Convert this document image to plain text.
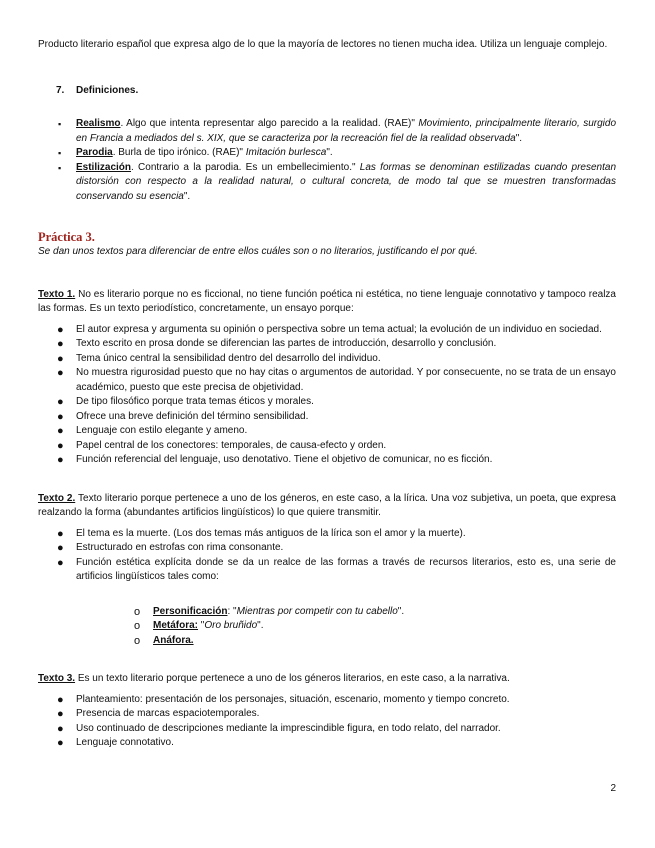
Producto literario español que expresa algo de lo que la mayoría de lectores no tienen mucha idea. Utiliza un lenguaje complejo.

7. Definiciones.

▪ Realismo. Algo que intenta representar algo parecido a la realidad. (RAE)" Movimiento, principalmente literario, surgido en Francia a mediados del s. XIX, que se caracteriza por la recreación fiel de la realidad observada".
▪ Parodia. Burla de tipo irónico. (RAE)" Imitación burlesca".
▪ Estilización. Contrario a la parodia. Es un embellecimiento." Las formas se denominan estilizadas cuando presentan distorsión con respecto a la realidad natural, o cultural concreta, de modo tal que se muestren transformadas conservando su esencia".

Práctica 3.

Se dan unos textos para diferenciar de entre ellos cuáles son o no literarios, justificando el por qué.

Texto 1. No es literario porque no es ficcional, no tiene función poética ni estética, no tiene lenguaje connotativo y tampoco realza las formas. Es un texto periodístico, concretamente, un ensayo porque:

● El autor expresa y argumenta su opinión o perspectiva sobre un tema actual; la evolución de un individuo en sociedad.
● Texto escrito en prosa donde se diferencian las partes de introducción, desarrollo y conclusión.
● Tema único central la sensibilidad dentro del desarrollo del individuo.
● No muestra rigurosidad puesto que no hay citas o argumentos de autoridad. Y por consecuente, no se trata de un ensayo académico, puesto que este precisa de objetividad.
● De tipo filosófico porque trata temas éticos y morales.
● Ofrece una breve definición del término sensibilidad.
● Lenguaje con estilo elegante y ameno.
● Papel central de los conectores: temporales, de causa-efecto y orden.
● Función referencial del lenguaje, uso denotativo. Tiene el objetivo de comunicar, no es ficción.

Texto 2. Texto literario porque pertenece a uno de los géneros, en este caso, a la lírica. Una voz subjetiva, un poeta, que expresa realzando la forma (abundantes artificios lingüísticos) lo que quiere transmitir.

● El tema es la muerte. (Los dos temas más antiguos de la lírica son el amor y la muerte).
● Estructurado en estrofas con rima consonante.
● Función estética explícita donde se da un realce de las formas a través de recursos literarios, esto es, una serie de artificios lingüísticos tales como:
o Personificación: "Mientras por competir con tu cabello".
o Metáfora: "Oro bruñido".
o Anáfora.

Texto 3. Es un texto literario porque pertenece a uno de los géneros literarios, en este caso, a la narrativa.

● Planteamiento: presentación de los personajes, situación, escenario, momento y tiempo concreto.
● Presencia de marcas espaciotemporales.
● Uso continuado de descripciones mediante la imprescindible figura, en todo relato, del narrador.
● Lenguaje connotativo.
2
